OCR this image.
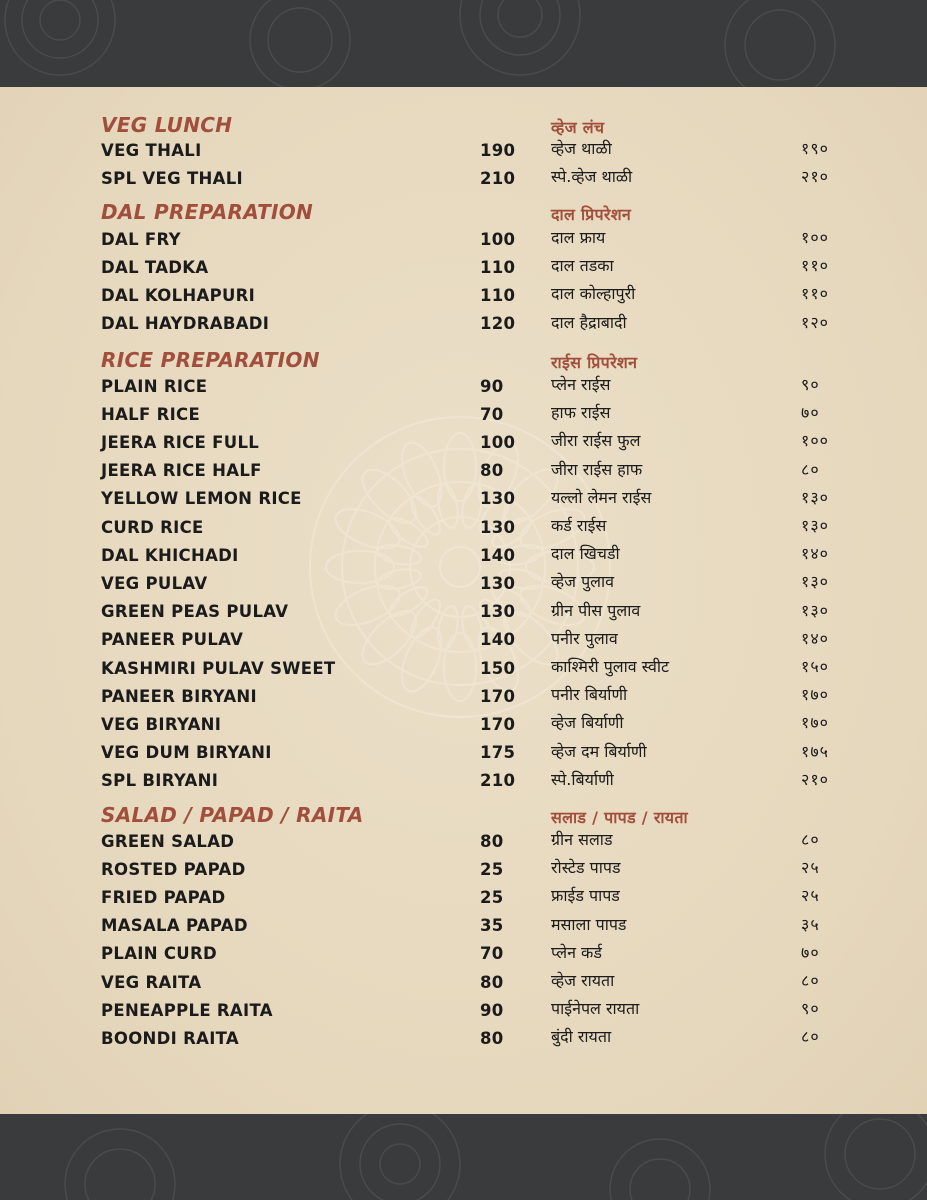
VEG LUNCH
VEG THALI	190
SPL VEG THALI	210
DAL PREPARATION
DAL FRY	100
DAL TADKA	110
DAL KOLHAPURI	110
DAL HAYDRABADI	120
RICE PREPARATION
PLAIN RICE	90
HALF RICE	70
JEERA RICE FULL	100
JEERA RICE HALF	80
YELLOW LEMON RICE	130
CURD RICE	130
DAL KHICHADI	140
VEG PULAV	130
GREEN PEAS PULAV	130
PANEER PULAV	140
KASHMIRI PULAV SWEET	150
PANEER BIRYANI	170
VEG BIRYANI	170
VEG DUM BIRYANI	175
SPL BIRYANI	210
SALAD / PAPAD / RAITA
GREEN SALAD	80
ROSTED PAPAD	25
FRIED PAPAD	25
MASALA PAPAD	35
PLAIN CURD	70
VEG RAITA	80
PENEAPPLE RAITA	90
BOONDI RAITA	80
व्हेज लंच
व्हेज थाळी	१९०
स्पे.व्हेज थाळी	२१०
दाल प्रिपरेशन
दाल फ्राय	१००
दाल तडका	११०
दाल कोल्हापुरी	११०
दाल हैद्राबादी	१२०
राईस प्रिपरेशन
प्लेन राईस	९०
हाफ राईस	७०
जीरा राईस फुल	१००
जीरा राईस हाफ	८०
यल्लो लेमन राईस	१३०
कर्ड राईस	१३०
दाल खिचडी	१४०
व्हेज पुलाव	१३०
ग्रीन पीस पुलाव	१३०
पनीर पुलाव	१४०
काश्मिरी पुलाव स्वीट	१५०
पनीर बिर्याणी	१७०
व्हेज बिर्याणी	१७०
व्हेज दम बिर्याणी	१७५
स्पे.बिर्याणी	२१०
सलाड / पापड / रायता
ग्रीन सलाड	८०
रोस्टेड पापड	२५
फ्राईड पापड	२५
मसाला पापड	३५
प्लेन कर्ड	७०
व्हेज रायता	८०
पाईनेपल रायता	९०
बुंदी रायता	८०
